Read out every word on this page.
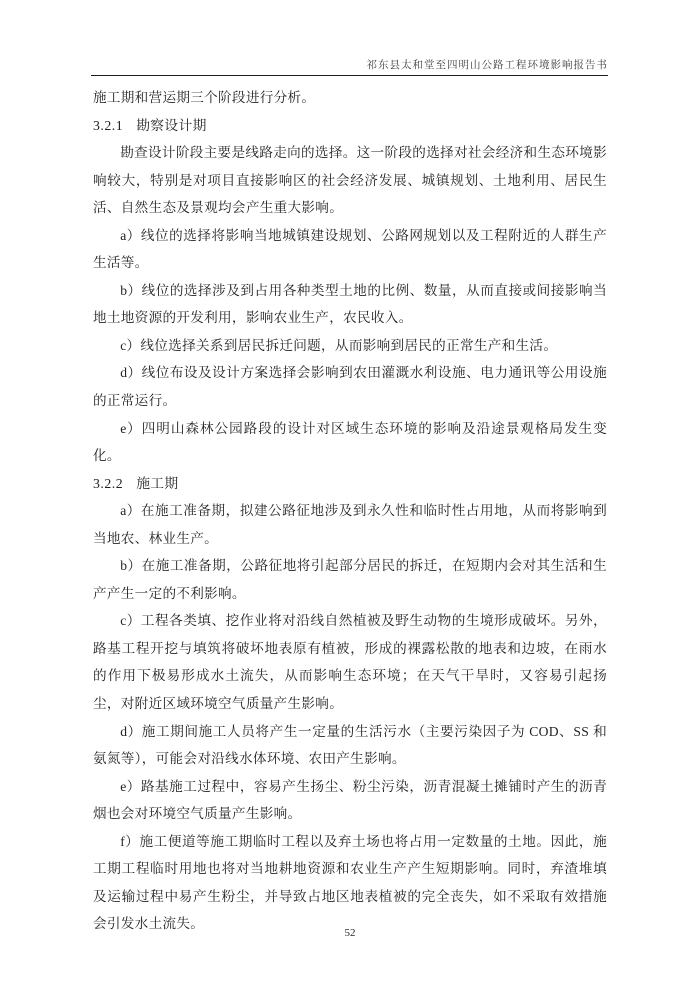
祁东县太和堂至四明山公路工程环境影响报告书

施工期和营运期三个阶段进行分析。

3.2.1 勘察设计期

勘查设计阶段主要是线路走向的选择。这一阶段的选择对社会经济和生态环境影响较大，特别是对项目直接影响区的社会经济发展、城镇规划、土地利用、居民生活、自然生态及景观均会产生重大影响。

a）线位的选择将影响当地城镇建设规划、公路网规划以及工程附近的人群生产生活等。

b）线位的选择涉及到占用各种类型土地的比例、数量，从而直接或间接影响当地土地资源的开发利用，影响农业生产，农民收入。

c）线位选择关系到居民拆迁问题，从而影响到居民的正常生产和生活。

d）线位布设及设计方案选择会影响到农田灌溉水利设施、电力通讯等公用设施的正常运行。

e）四明山森林公园路段的设计对区域生态环境的影响及沿途景观格局发生变化。

3.2.2 施工期

a）在施工准备期，拟建公路征地涉及到永久性和临时性占用地，从而将影响到当地农、林业生产。

b）在施工准备期，公路征地将引起部分居民的拆迁，在短期内会对其生活和生产产生一定的不利影响。

c）工程各类填、挖作业将对沿线自然植被及野生动物的生境形成破坏。另外，路基工程开挖与填筑将破坏地表原有植被，形成的裸露松散的地表和边坡，在雨水的作用下极易形成水土流失，从而影响生态环境；在天气干旱时，又容易引起扬尘，对附近区域环境空气质量产生影响。

d）施工期间施工人员将产生一定量的生活污水（主要污染因子为 COD、SS 和氨氮等），可能会对沿线水体环境、农田产生影响。

e）路基施工过程中，容易产生扬尘、粉尘污染，沥青混凝土摊铺时产生的沥青烟也会对环境空气质量产生影响。

f）施工便道等施工期临时工程以及弃土场也将占用一定数量的土地。因此，施工期工程临时用地也将对当地耕地资源和农业生产产生短期影响。同时，弃渣堆填及运输过程中易产生粉尘，并导致占地区地表植被的完全丧失，如不采取有效措施会引发水土流失。

52
